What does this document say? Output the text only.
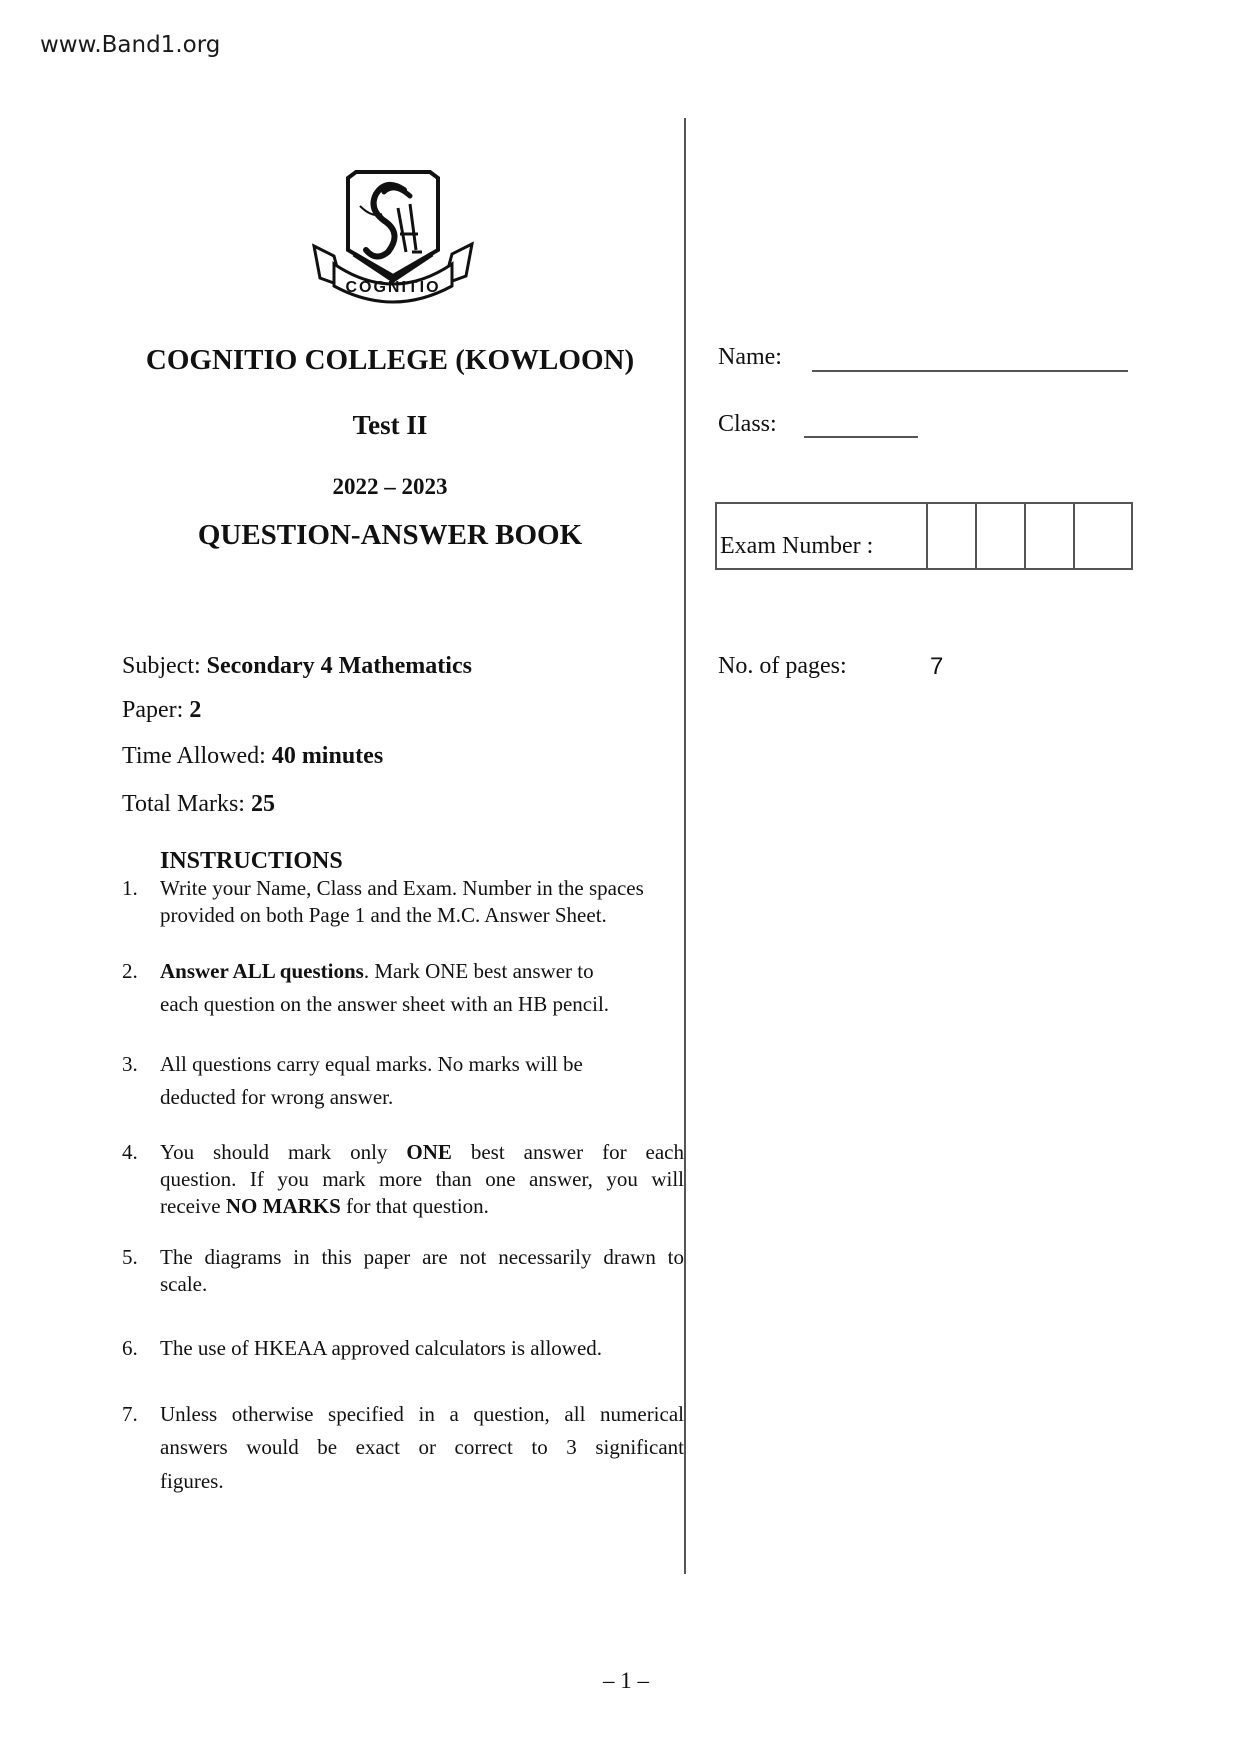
www.Band1.org
COGNITIO
COGNITIO COLLEGE (KOWLOON)
Test II
2022 – 2023
QUESTION-ANSWER BOOK
Name:
Class:
Exam Number :
Subject: Secondary 4 Mathematics
Paper: 2
Time Allowed: 40 minutes
Total Marks: 25
No. of pages:	7
INSTRUCTIONS
1. Write your Name, Class and Exam. Number in the spaces
provided on both Page 1 and the M.C. Answer Sheet.
2. Answer ALL questions. Mark ONE best answer to
each question on the answer sheet with an HB pencil.
3. All questions carry equal marks. No marks will be
deducted for wrong answer.
4. You should mark only ONE best answer for each
question. If you mark more than one answer, you will
receive NO MARKS for that question.
5. The diagrams in this paper are not necessarily drawn to
scale.
6. The use of HKEAA approved calculators is allowed.
7. Unless otherwise specified in a question, all numerical
answers would be exact or correct to 3 significant
figures.
– 1 –
